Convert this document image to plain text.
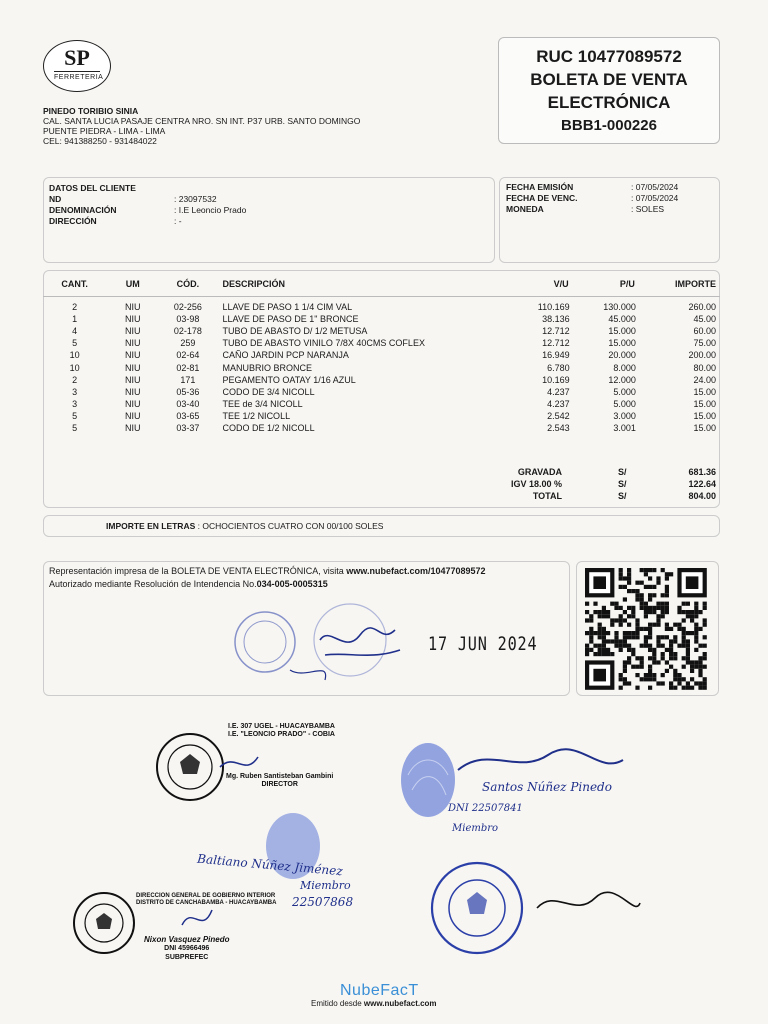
SP
FERRETERIA
PINEDO TORIBIO SINIA
CAL. SANTA LUCIA PASAJE CENTRA NRO. SN INT. P37 URB. SANTO DOMINGO
PUENTE PIEDRA - LIMA - LIMA
CEL: 941388250 - 931484022
RUC 10477089572
BOLETA DE VENTA
ELECTRÓNICA
BBB1-000226
DATOS DEL CLIENTE
ND	: 23097532
DENOMINACIÓN	: I.E Leoncio Prado
DIRECCIÓN	: -
FECHA EMISIÓN	: 07/05/2024
FECHA DE VENC.	: 07/05/2024
MONEDA	: SOLES
CANT.	UM	CÓD.	DESCRIPCIÓN	V/U	P/U	IMPORTE

2	NIU	02-256	LLAVE DE PASO 1 1/4 CIM VAL	110.169	130.000	260.00
1	NIU	03-98	LLAVE DE PASO DE 1" BRONCE	38.136	45.000	45.00
4	NIU	02-178	TUBO DE ABASTO D/ 1/2 METUSA	12.712	15.000	60.00
5	NIU	259	TUBO DE ABASTO VINILO 7/8X 40CMS COFLEX	12.712	15.000	75.00
10	NIU	02-64	CAÑO JARDIN PCP NARANJA	16.949	20.000	200.00
10	NIU	02-81	MANUBRIO BRONCE	6.780	8.000	80.00
2	NIU	171	PEGAMENTO OATAY 1/16 AZUL	10.169	12.000	24.00
3	NIU	05-36	CODO DE 3/4 NICOLL	4.237	5.000	15.00
3	NIU	03-40	TEE de 3/4 NICOLL	4.237	5.000	15.00
5	NIU	03-65	TEE 1/2 NICOLL	2.542	3.000	15.00
5	NIU	03-37	CODO DE 1/2 NICOLL	2.543	3.001	15.00
GRAVADA	S/	681.36
IGV 18.00 %	S/	122.64
TOTAL	S/	804.00
IMPORTE EN LETRAS : OCHOCIENTOS CUATRO CON 00/100 SOLES
Representación impresa de la BOLETA DE VENTA ELECTRÓNICA, visita www.nubefact.com/10477089572
Autorizado mediante Resolución de Intendencia No.034-005-0005315
17 JUN 2024
I.E. 307 UGEL - HUACAYBAMBA
I.E. "LEONCIO PRADO" - COBIA
Mg. Ruben Santisteban Gambini
DIRECTOR	Santos Núñez Pinedo
DNI 22507841
Miembro
Baltiano Núñez Jiménez
Miembro
22507868
DIRECCION GENERAL DE GOBIERNO INTERIOR
DISTRITO DE CANCHABAMBA - HUACAYBAMBA
Nixon Vasquez Pinedo
DNI 45966496
SUBPREFEC
NubeFacT
Emitido desde www.nubefact.com
